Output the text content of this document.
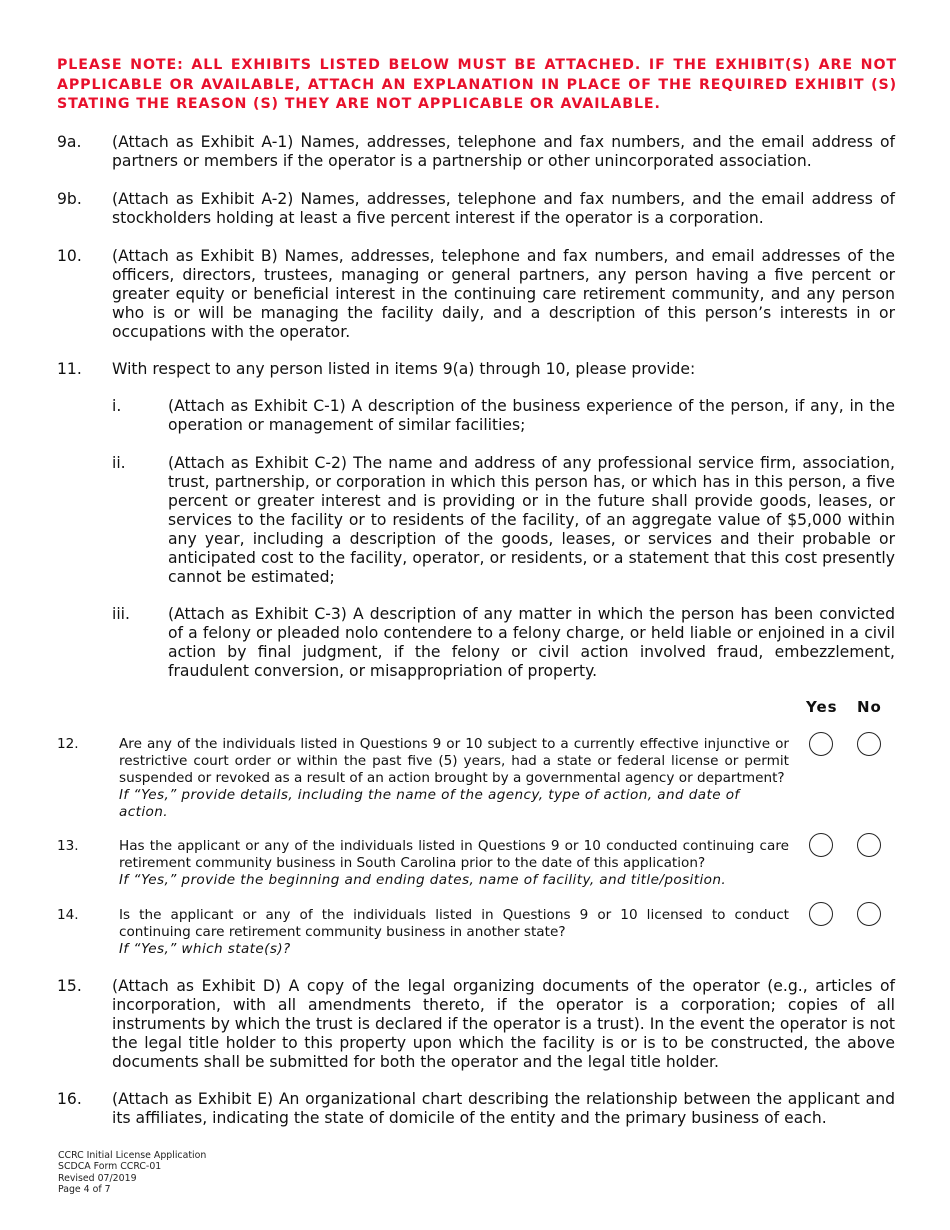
PLEASE NOTE: ALL EXHIBITS LISTED BELOW MUST BE ATTACHED. IF THE EXHIBIT(S) ARE NOT APPLICABLE OR AVAILABLE, ATTACH AN EXPLANATION IN PLACE OF THE REQUIRED EXHIBIT (S) STATING THE REASON (S) THEY ARE NOT APPLICABLE OR AVAILABLE.
9a. (Attach as Exhibit A-1) Names, addresses, telephone and fax numbers, and the email address of partners or members if the operator is a partnership or other unincorporated association.
9b. (Attach as Exhibit A-2) Names, addresses, telephone and fax numbers, and the email address of stockholders holding at least a five percent interest if the operator is a corporation.
10. (Attach as Exhibit B) Names, addresses, telephone and fax numbers, and email addresses of the officers, directors, trustees, managing or general partners, any person having a five percent or greater equity or beneficial interest in the continuing care retirement community, and any person who is or will be managing the facility daily, and a description of this person’s interests in or occupations with the operator.
11. With respect to any person listed in items 9(a) through 10, please provide:
i.	(Attach as Exhibit C-1) A description of the business experience of the person, if any, in the operation or management of similar facilities;
ii.	(Attach as Exhibit C-2) The name and address of any professional service firm, association, trust, partnership, or corporation in which this person has, or which has in this person, a five percent or greater interest and is providing or in the future shall provide goods, leases, or services to the facility or to residents of the facility, of an aggregate value of $5,000 within any year, including a description of the goods, leases, or services and their probable or anticipated cost to the facility, operator, or residents, or a statement that this cost presently cannot be estimated;
iii. (Attach as Exhibit C-3) A description of any matter in which the person has been convicted of a felony or pleaded nolo contendere to a felony charge, or held liable or enjoined in a civil action by final judgment, if the felony or civil action involved fraud, embezzlement, fraudulent conversion, or misappropriation of property.
Yes No
12.	Are any of the individuals listed in Questions 9 or 10 subject to a currently effective injunctive or restrictive court order or within the past five (5) years, had a state or federal license or permit suspended or revoked as a result of an action brought by a governmental agency or department?
If “Yes,” provide details, including the name of the agency, type of action, and date of action.
13.	Has the applicant or any of the individuals listed in Questions 9 or 10 conducted continuing care retirement community business in South Carolina prior to the date of this application?
If “Yes,” provide the beginning and ending dates, name of facility, and title/position.
14.	Is the applicant or any of the individuals listed in Questions 9 or 10 licensed to conduct continuing care retirement community business in another state?
If “Yes,” which state(s)?
15. (Attach as Exhibit D) A copy of the legal organizing documents of the operator (e.g., articles of incorporation, with all amendments thereto, if the operator is a corporation; copies of all instruments by which the trust is declared if the operator is a trust). In the event the operator is not the legal title holder to this property upon which the facility is or is to be constructed, the above documents shall be submitted for both the operator and the legal title holder.
16. (Attach as Exhibit E) An organizational chart describing the relationship between the applicant and its affiliates, indicating the state of domicile of the entity and the primary business of each.
CCRC Initial License Application
SCDCA Form CCRC-01
Revised 07/2019
Page 4 of 7
